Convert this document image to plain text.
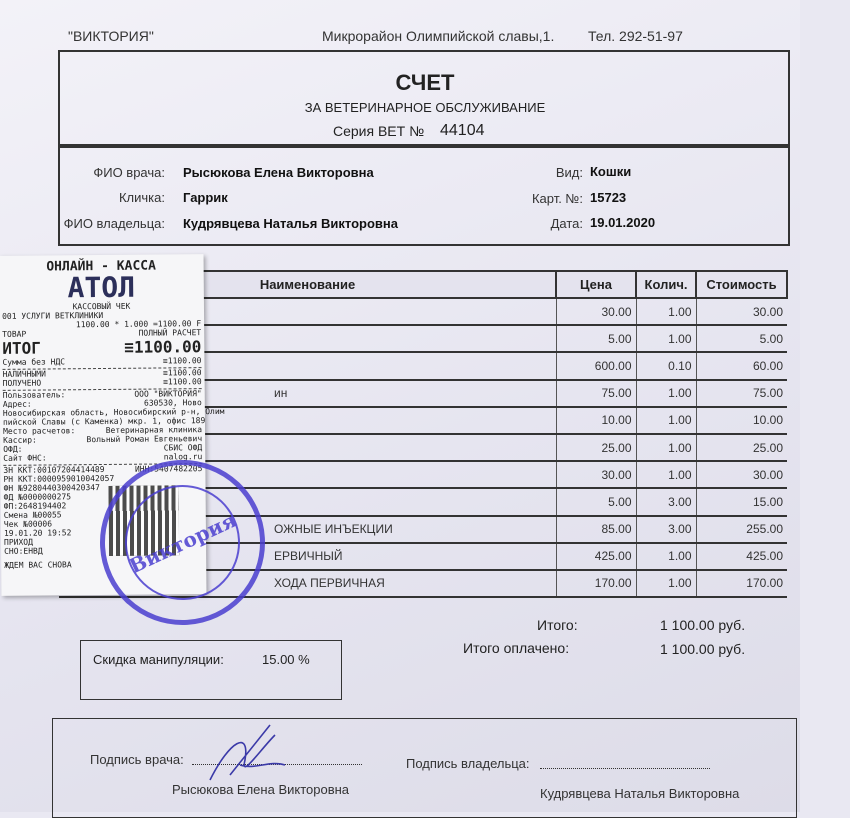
"ВИКТОРИЯ"	Микрорайон Олимпийской славы,1. Тел. 292-51-97
СЧЕТ
ЗА ВЕТЕРИНАРНОЕ ОБСЛУЖИВАНИЕ
Серия ВЕТ № 44104
ФИО врача: Рысюкова Елена Викторовна
Кличка: Гаррик
ФИО владельца: Кудрявцева Наталья Викторовна
Вид: Кошки
Карт. №: 15723
Дата: 19.01.2020
Наименование	Цена	Колич.	Стоимость
	30.00	1.00	30.00
	5.00	1.00	5.00
	600.00	0.10	60.00
ин	75.00	1.00	75.00
	10.00	1.00	10.00
	25.00	1.00	25.00
	30.00	1.00	30.00
	5.00	3.00	15.00
ОЖНЫЕ ИНЪЕКЦИИ	85.00	3.00	255.00
ЕРВИЧНЫЙ	425.00	1.00	425.00
ХОДА ПЕРВИЧНАЯ	170.00	1.00	170.00
Итого:	1 100.00 руб.
Итого оплачено:	1 100.00 руб.
Скидка манипуляции:	15.00 %
Подпись врача:
Рысюкова Елена Викторовна
Подпись владельца:
Кудрявцева Наталья Викторовна
ОНЛАЙН - КАССА
АТОЛ
КАССОВЫЙ ЧЕК
001 УСЛУГИ ВЕТКЛИНИКИ
1100.00 * 1.000 =1100.00 F
ТОВАР	ПОЛНЫЙ РАСЧЕТ
ИТОГ	≡1100.00
Сумма без НДС	≡1100.00
НАЛИЧНЫМИ	≡1100.00
ПОЛУЧЕНО	≡1100.00
Пользователь:	ООО "ВИКТОРИЯ"
Адрес:	630530, Ново
Новосибирская область, Новосибирский р-н, Олим
пийской Славы (с Каменка) мкр. 1, офис 189
Место расчетов:	Ветеринарная клиника
Кассир:	Вольный Роман Евгеньевич
ОФД:	СБИС ОФД
Сайт ФНС:	nalog.ru
ЗН ККТ:00107204414489	ИНН:5407482205
РН ККТ:0000959010042057
ФН №9280440300420347
ФД №0000000275
ФП:2648194402
Смена №00055
Чек №00006
19.01.20 19:52
ПРИХОД
СНО:ЕНВД
ЖДЕМ ВАС СНОВА	Виктория
